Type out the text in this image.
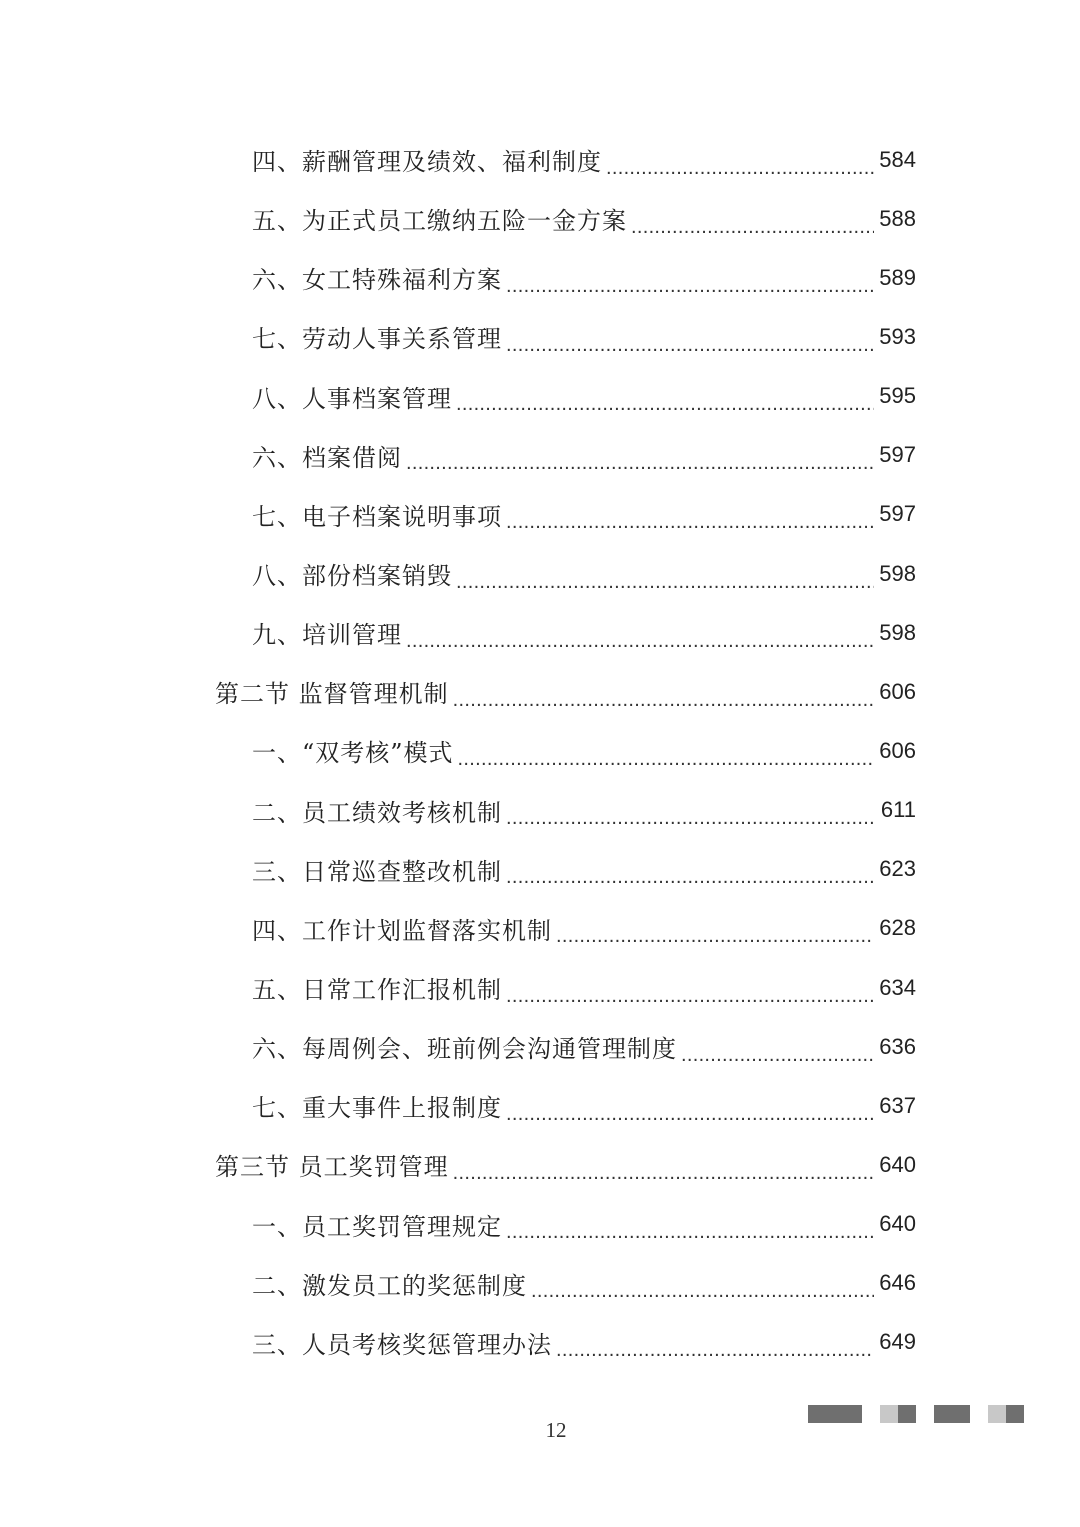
四、薪酬管理及绩效、福利制度 .....	584
五、为正式员工缴纳五险一金方案 .....	588
六、女工特殊福利方案 .....	589
七、劳动人事关系管理 .....	593
八、人事档案管理 .....	595
六、档案借阅 .....	597
七、电子档案说明事项 .....	597
八、部份档案销毁 .....	598
九、培训管理 .....	598
第二节 监督管理机制 .....	606
一、“双考核”模式 .....	606
二、员工绩效考核机制 .....	611
三、日常巡查整改机制 .....	623
四、工作计划监督落实机制 .....	628
五、日常工作汇报机制 .....	634
六、每周例会、班前例会沟通管理制度 .....	636
七、重大事件上报制度 .....	637
第三节 员工奖罚管理 .....	640
一、员工奖罚管理规定 .....	640
二、激发员工的奖惩制度 .....	646
三、人员考核奖惩管理办法 .....	649
12
